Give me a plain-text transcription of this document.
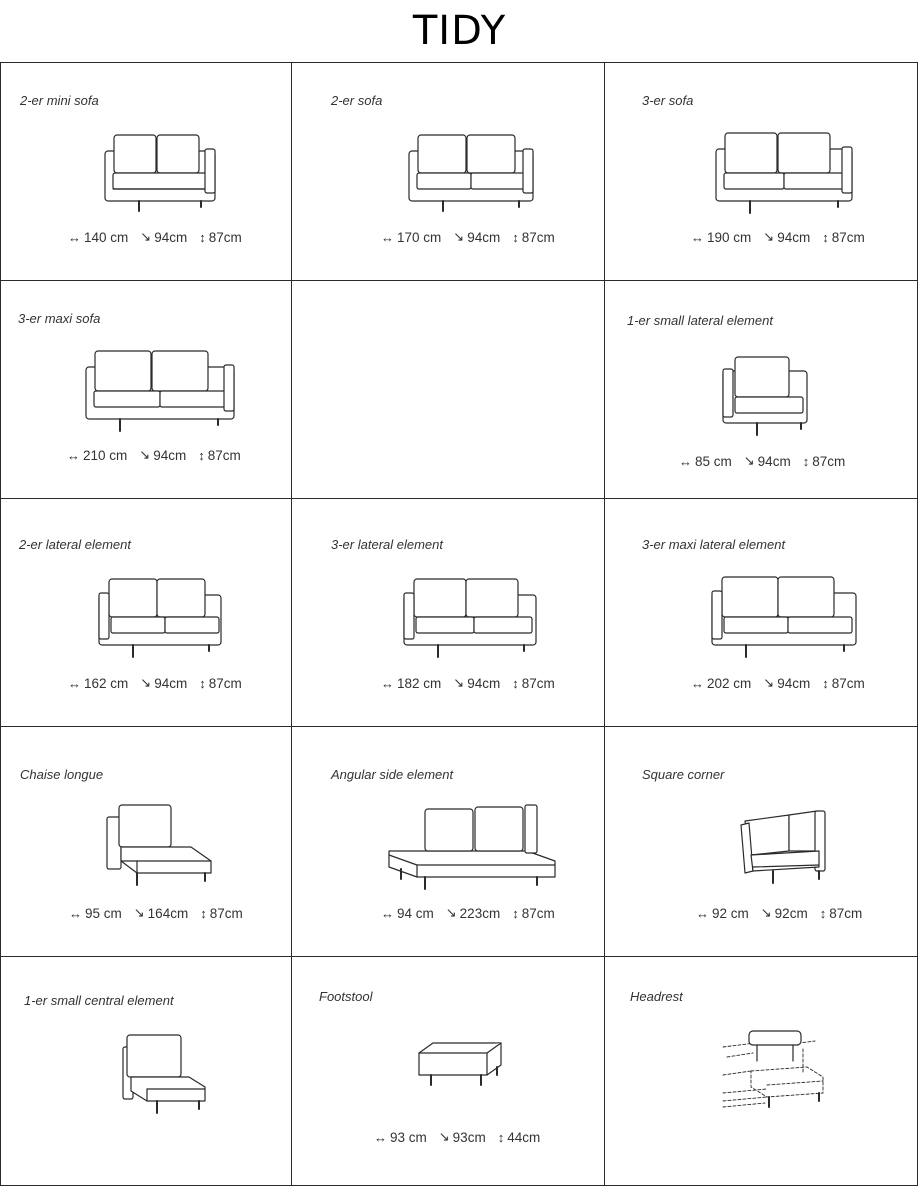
TIDY
2-er mini sofa
↔ 140 cm ↘ 94cm ↕ 87cm
2-er sofa
↔ 170 cm ↘ 94cm ↕ 87cm
3-er sofa
↔ 190 cm ↘ 94cm ↕ 87cm
3-er maxi sofa
↔ 210 cm ↘ 94cm ↕ 87cm
1-er small lateral element
↔ 85 cm ↘ 94cm ↕ 87cm
2-er lateral element
↔ 162 cm ↘ 94cm ↕ 87cm
3-er lateral element
↔ 182 cm ↘ 94cm ↕ 87cm
3-er maxi lateral element
↔ 202 cm ↘ 94cm ↕ 87cm
Chaise longue
↔ 95 cm ↘ 164cm ↕ 87cm
Angular side element
↔ 94 cm ↘ 223cm ↕ 87cm
Square corner
↔ 92 cm ↘ 92cm ↕ 87cm
1-er small central element	Footstool
↔ 93 cm ↘ 93cm ↕ 44cm
Headrest
